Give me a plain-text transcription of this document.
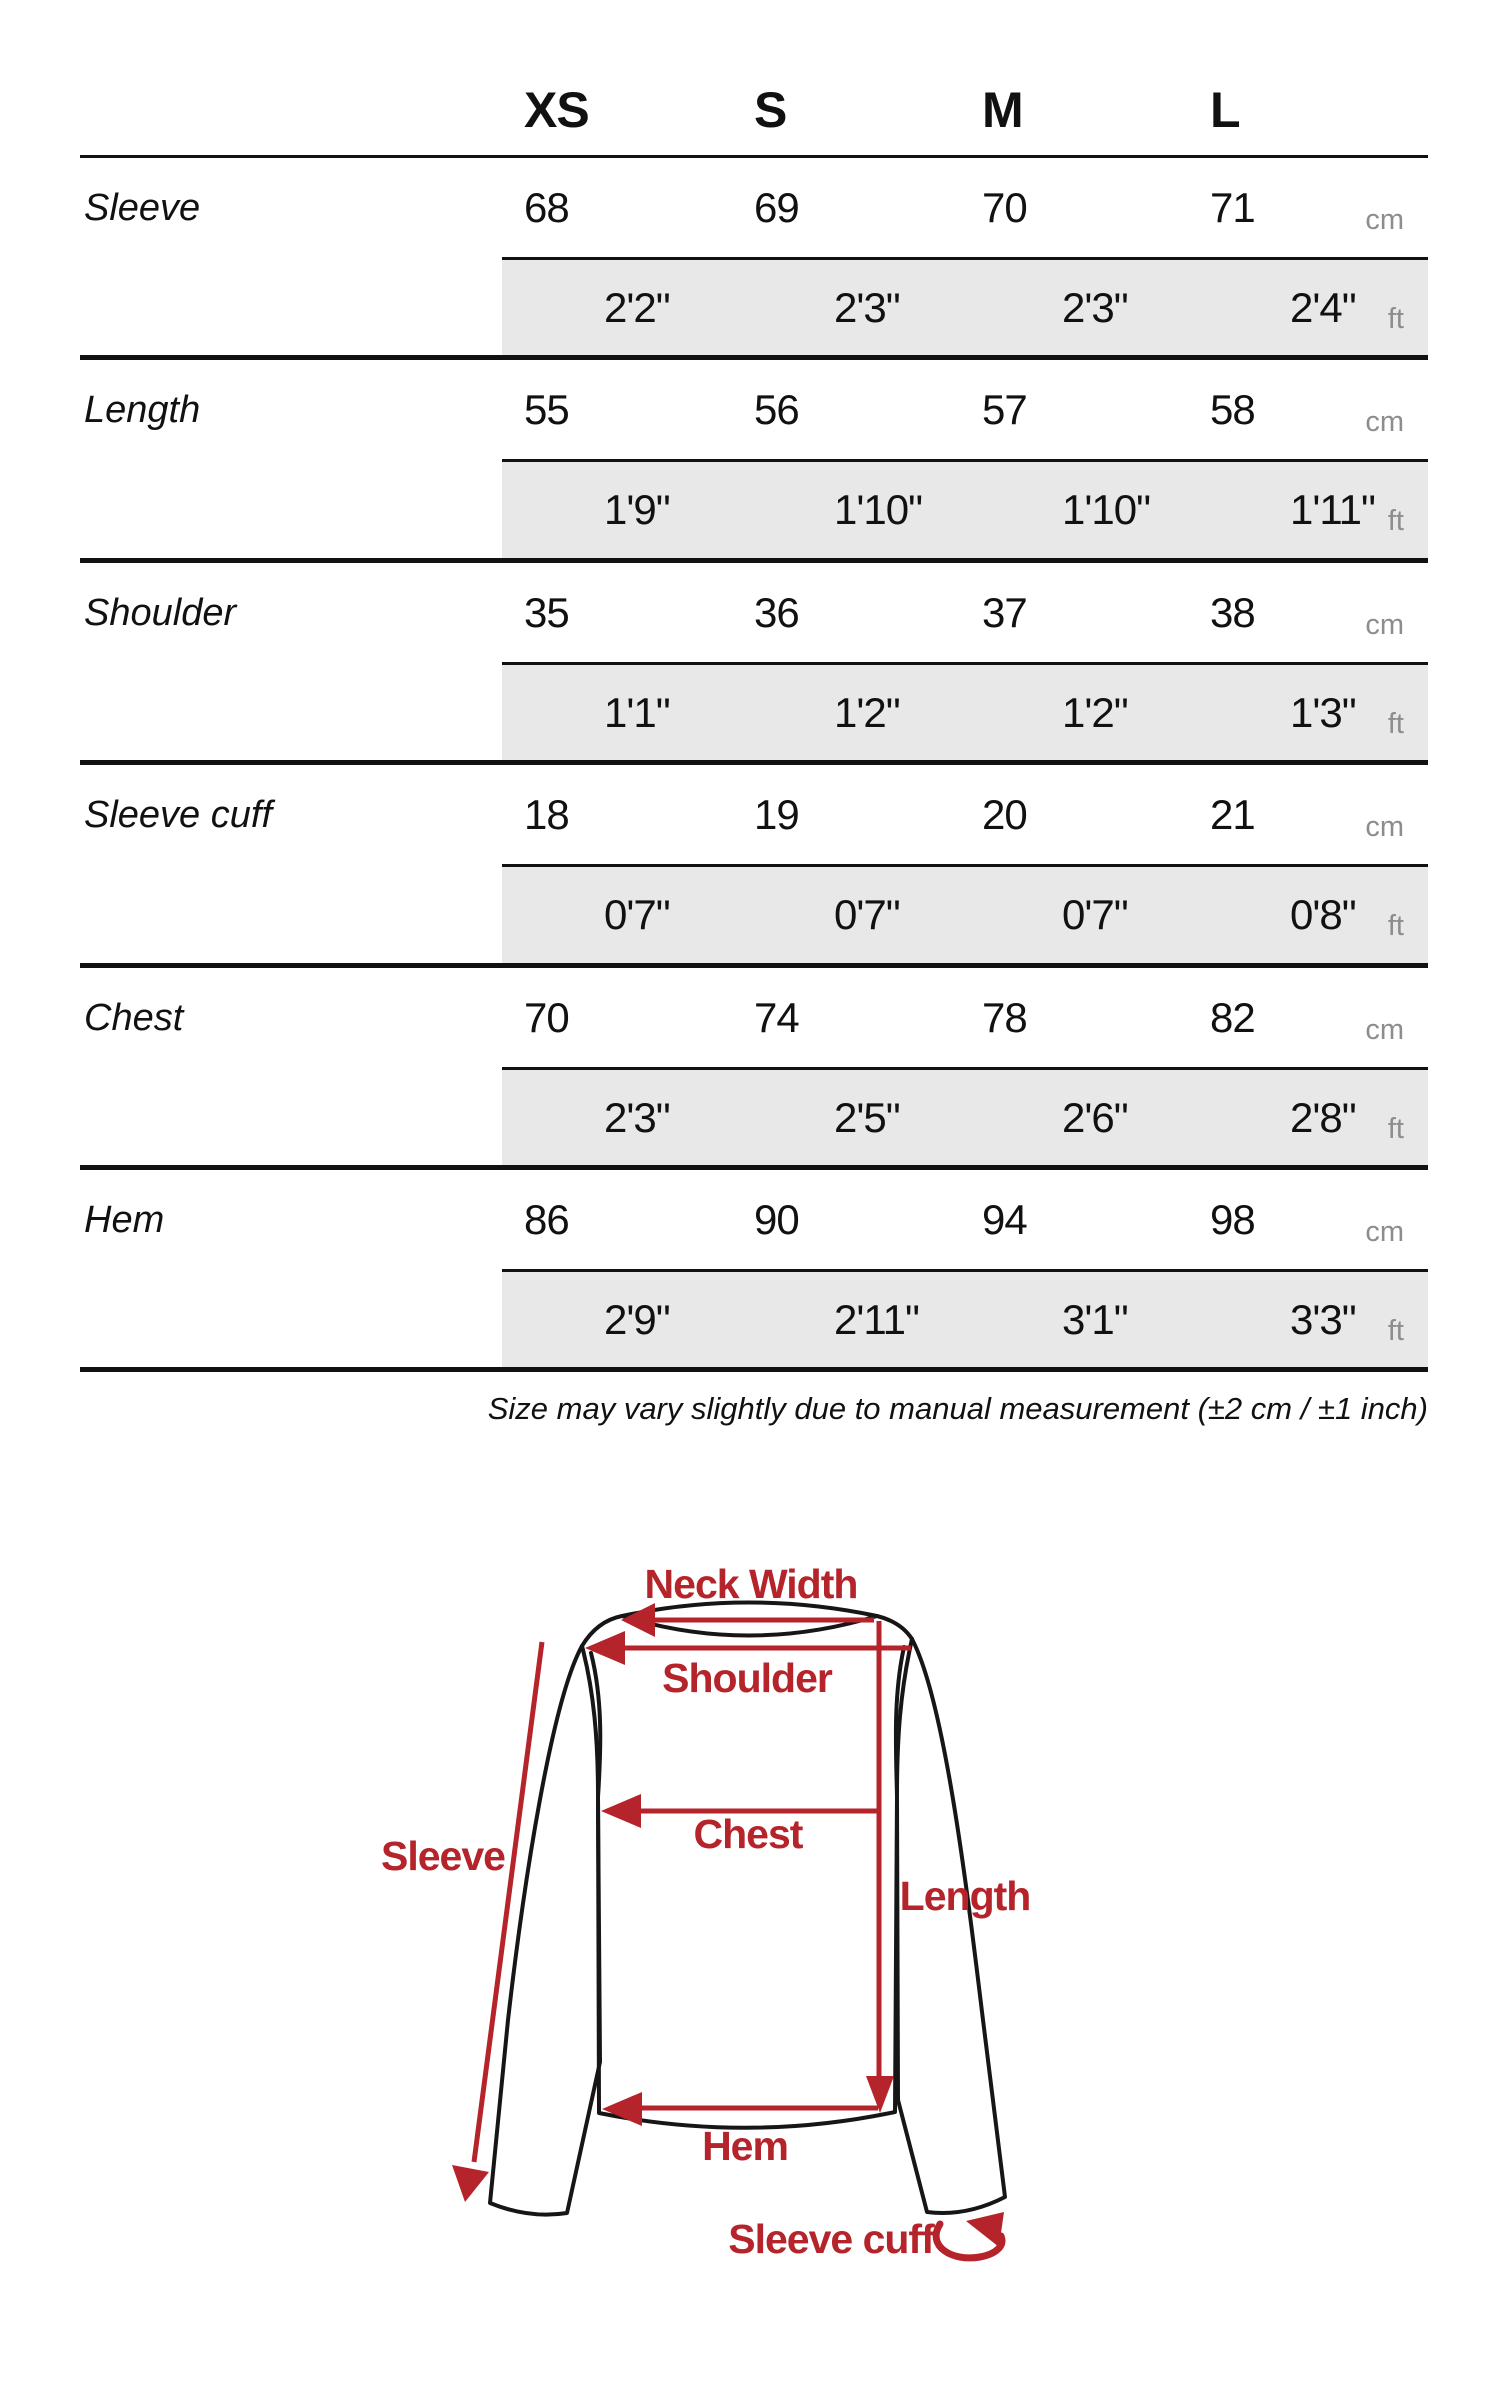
XS	S	M	L
Sleeve	68	69	70	71	cm
2'2"	2'3"	2'3"	2'4" ft
Length	55	56	57	58	cm
1'9"	1'10"	1'10"	1'11" ft
Shoulder	35	36	37	38	cm
1'1"	1'2"	1'2"	1'3" ft
Sleeve cuff	18	19	20	21	cm
0'7"	0'7"	0'7"	0'8" ft
Chest	70	74	78	82	cm
2'3"	2'5"	2'6"	2'8" ft
Hem	86	90	94	98	cm
2'9"	2'11"	3'1"	3'3" ft
Size may vary slightly due to manual measurement (±2 cm / ±1 inch)
Neck Width
Shoulder
Chest
Sleeve
Length
Hem
Sleeve cuff
